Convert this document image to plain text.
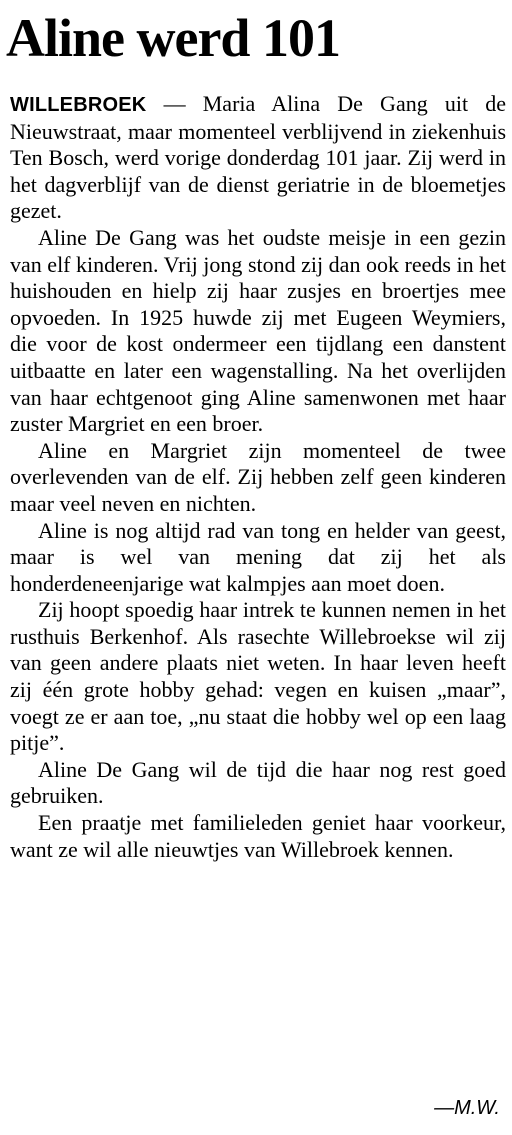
Aline werd 101

WILLEBROEK — Maria Alina De Gang uit de Nieuwstraat, maar momenteel verblijvend in ziekenhuis Ten Bosch, werd vorige donderdag 101 jaar. Zij werd in het dagverblijf van de dienst geriatrie in de bloemetjes gezet.

Aline De Gang was het oudste meisje in een gezin van elf kinderen. Vrij jong stond zij dan ook reeds in het huishouden en hielp zij haar zusjes en broertjes mee opvoeden. In 1925 huwde zij met Eugeen Weymiers, die voor de kost ondermeer een tijdlang een danstent uitbaatte en later een wagenstalling. Na het overlijden van haar echtgenoot ging Aline samenwonen met haar zuster Margriet en een broer.

Aline en Margriet zijn momenteel de twee overlevenden van de elf. Zij hebben zelf geen kinderen maar veel neven en nichten.

Aline is nog altijd rad van tong en helder van geest, maar is wel van mening dat zij het als honderdeneenjarige wat kalmpjes aan moet doen.

Zij hoopt spoedig haar intrek te kunnen nemen in het rusthuis Berkenhof. Als rasechte Willebroekse wil zij van geen andere plaats niet weten. In haar leven heeft zij één grote hobby gehad: vegen en kuisen „maar”, voegt ze er aan toe, „nu staat die hobby wel op een laag pitje”.

Aline De Gang wil de tijd die haar nog rest goed gebruiken.

Een praatje met familieleden geniet haar voorkeur, want ze wil alle nieuwtjes van Willebroek kennen.

—M.W.
